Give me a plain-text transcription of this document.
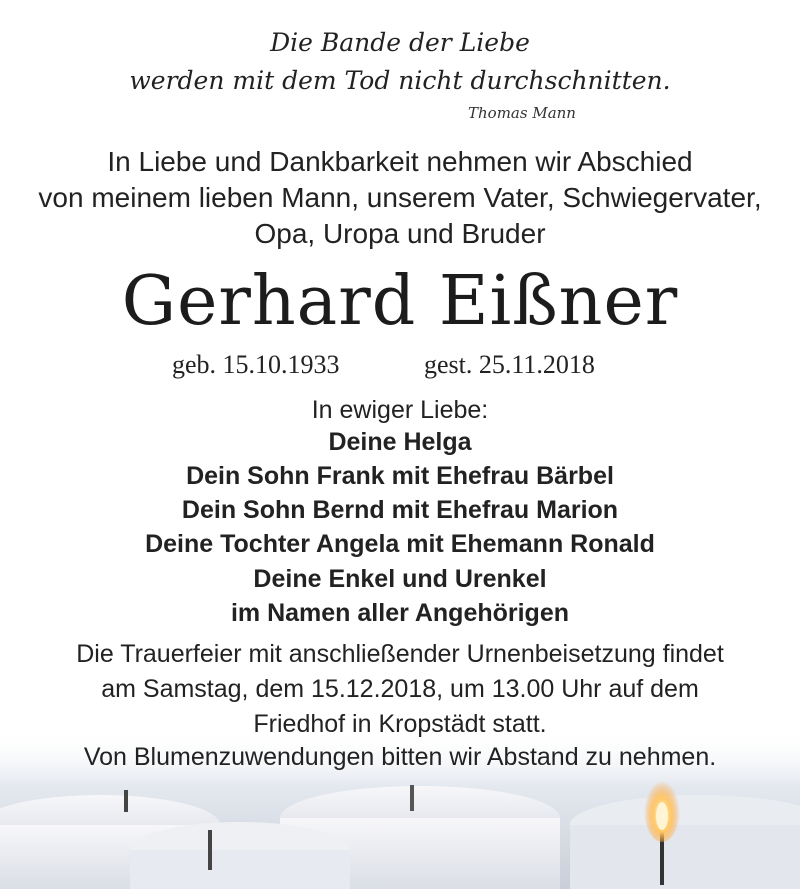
Die Bande der Liebe
werden mit dem Tod nicht durchschnitten.
Thomas Mann
In Liebe und Dankbarkeit nehmen wir Abschied
von meinem lieben Mann, unserem Vater, Schwiegervater,
Opa, Uropa und Bruder
Gerhard Eißner
geb. 15.10.1933	gest. 25.11.2018
In ewiger Liebe:
Deine Helga
Dein Sohn Frank mit Ehefrau Bärbel
Dein Sohn Bernd mit Ehefrau Marion
Deine Tochter Angela mit Ehemann Ronald
Deine Enkel und Urenkel
im Namen aller Angehörigen
Die Trauerfeier mit anschließender Urnenbeisetzung findet
am Samstag, dem 15.12.2018, um 13.00 Uhr auf dem
Friedhof in Kropstädt statt.
Von Blumenzuwendungen bitten wir Abstand zu nehmen.
